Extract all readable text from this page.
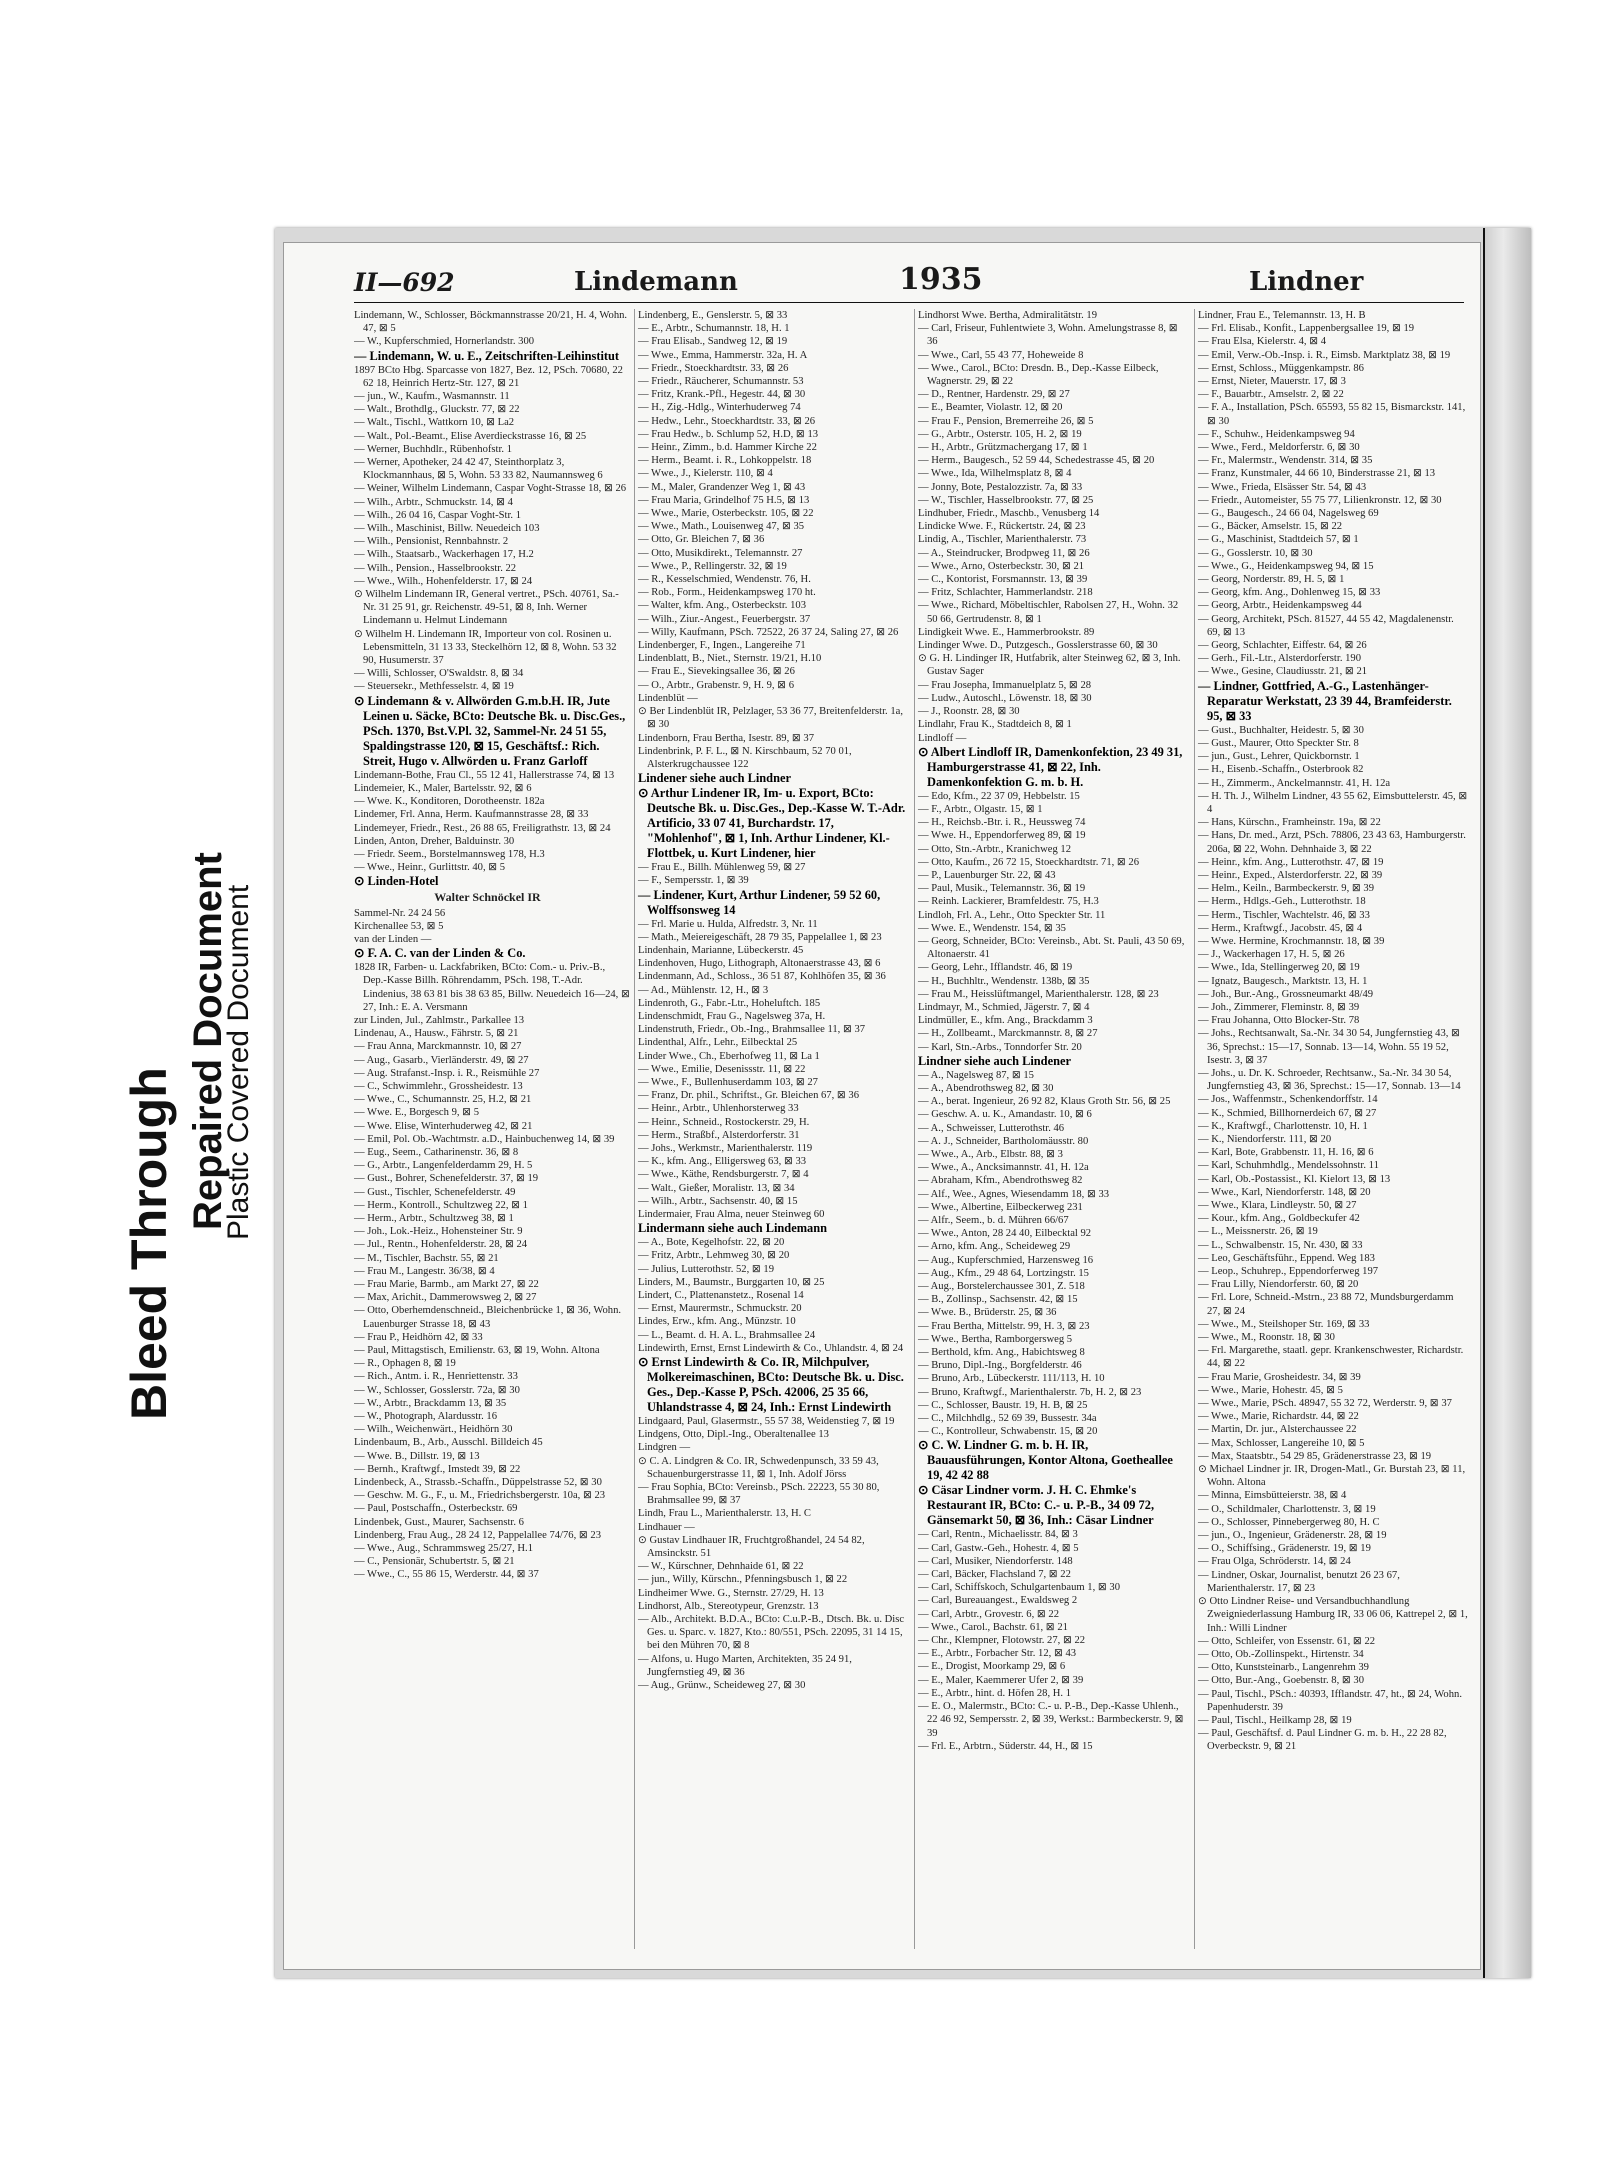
Bleed Through
Repaired Document
Plastic Covered Document
II—692	Lindemann	1935	Lindner

Lindemann, W., Schlosser, Böckmannstrasse 20/21, H. 4, Wohn. 47, ⊠ 5

— W., Kupferschmied, Hornerlandstr. 300

— Lindemann, W. u. E., Zeitschriften-Leihinstitut

1897 BCto Hbg. Sparcasse von 1827, Bez. 12, PSch. 70680, 22 62 18, Heinrich Hertz-Str. 127, ⊠ 21

— jun., W., Kaufm., Wasmannstr. 11

— Walt., Brothdlg., Gluckstr. 77, ⊠ 22

— Walt., Tischl., Wattkorn 10, ⊠ La2

— Walt., Pol.-Beamt., Elise Averdieckstrasse 16, ⊠ 25

— Werner, Buchhdlr., Rübenhofstr. 1

— Werner, Apotheker, 24 42 47, Steinthorplatz 3, Klockmannhaus, ⊠ 5, Wohn. 53 33 82, Naumannsweg 6

— Weiner, Wilhelm Lindemann, Caspar Voght-Strasse 18, ⊠ 26

— Wilh., Arbtr., Schmuckstr. 14, ⊠ 4

— Wilh., 26 04 16, Caspar Voght-Str. 1

— Wilh., Maschinist, Billw. Neuedeich 103

— Wilh., Pensionist, Rennbahnstr. 2

— Wilh., Staatsarb., Wackerhagen 17, H.2

— Wilh., Pension., Hasselbrookstr. 22

— Wwe., Wilh., Hohenfelderstr. 17, ⊠ 24

⊙ Wilhelm Lindemann IR, General vertret., PSch. 40761, Sa.-Nr. 31 25 91, gr. Reichenstr. 49-51, ⊠ 8, Inh. Werner Lindemann u. Helmut Lindemann

⊙ Wilhelm H. Lindemann IR, Importeur von col. Rosinen u. Lebensmitteln, 31 13 33, Steckelhörn 12, ⊠ 8, Wohn. 53 32 90, Husumerstr. 37

— Willi, Schlosser, O'Swaldstr. 8, ⊠ 34

— Steuersekr., Methfesselstr. 4, ⊠ 19

⊙ Lindemann & v. Allwörden G.m.b.H. IR, Jute Leinen u. Säcke, BCto: Deutsche Bk. u. Disc.Ges., PSch. 1370, Bst.V.Pl. 32, Sammel-Nr. 24 51 55, Spaldingstrasse 120, ⊠ 15, Geschäftsf.: Rich. Streit, Hugo v. Allwörden u. Franz Garloff

Lindemann-Bothe, Frau Cl., 55 12 41, Hallerstrasse 74, ⊠ 13

Lindemeier, K., Maler, Bartelsstr. 92, ⊠ 6

— Wwe. K., Konditoren, Dorotheenstr. 182a

Lindemer, Frl. Anna, Herm. Kaufmannstrasse 28, ⊠ 33

Lindemeyer, Friedr., Rest., 26 88 65, Freiligrathstr. 13, ⊠ 24

Linden, Anton, Dreher, Balduinstr. 30

— Friedr. Seem., Borstelmannsweg 178, H.3

— Wwe., Heinr., Gurlittstr. 40, ⊠ 5

⊙ Linden-Hotel

Walter Schnöckel IR

Sammel-Nr. 24 24 56

Kirchenallee 53, ⊠ 5

van der Linden —

⊙ F. A. C. van der Linden & Co.

1828 IR, Farben- u. Lackfabriken, BCto: Com.- u. Priv.-B., Dep.-Kasse Billh. Röhrendamm, PSch. 198, T.-Adr. Lindenius, 38 63 81 bis 38 63 85, Billw. Neuedeich 16—24, ⊠ 27, Inh.: E. A. Versmann

zur Linden, Jul., Zahlmstr., Parkallee 13

Lindenau, A., Hausw., Fährstr. 5, ⊠ 21

— Frau Anna, Marckmannstr. 10, ⊠ 27

— Aug., Gasarb., Vierländerstr. 49, ⊠ 27

— Aug. Strafanst.-Insp. i. R., Reismühle 27

— C., Schwimmlehr., Grossheidestr. 13

— Wwe., C., Schumannstr. 25, H.2, ⊠ 21

— Wwe. E., Borgesch 9, ⊠ 5

— Wwe. Elise, Winterhuderweg 42, ⊠ 21

— Emil, Pol. Ob.-Wachtmstr. a.D., Hainbuchenweg 14, ⊠ 39

— Eug., Seem., Catharinenstr. 36, ⊠ 8

— G., Arbtr., Langenfelderdamm 29, H. 5

— Gust., Bohrer, Schenefelderstr. 37, ⊠ 19

— Gust., Tischler, Schenefelderstr. 49

— Herm., Kontroll., Schultzweg 22, ⊠ 1

— Herm., Arbtr., Schultzweg 38, ⊠ 1

— Joh., Lok.-Heiz., Hohensteiner Str. 9

— Jul., Rentn., Hohenfelderstr. 28, ⊠ 24

— M., Tischler, Bachstr. 55, ⊠ 21

— Frau M., Langestr. 36/38, ⊠ 4

— Frau Marie, Barmb., am Markt 27, ⊠ 22

— Max, Arichit., Dammerowsweg 2, ⊠ 27

— Otto, Oberhemdenschneid., Bleichenbrücke 1, ⊠ 36, Wohn. Lauenburger Strasse 18, ⊠ 43

— Frau P., Heidhörn 42, ⊠ 33

— Paul, Mittagstisch, Emilienstr. 63, ⊠ 19, Wohn. Altona

— R., Ophagen 8, ⊠ 19

— Rich., Antm. i. R., Henriettenstr. 33

— W., Schlosser, Gosslerstr. 72a, ⊠ 30

— W., Arbtr., Brackdamm 13, ⊠ 35

— W., Photograph, Alardusstr. 16

— Wilh., Weichenwärt., Heidhörn 30

Lindenbaum, B., Arb., Ausschl. Billdeich 45

— Wwe. B., Dillstr. 19, ⊠ 13

— Bernh., Kraftwgf., Imstedt 39, ⊠ 22

Lindenbeck, A., Strassb.-Schaffn., Düppelstrasse 52, ⊠ 30

— Geschw. M. G., F., u. M., Friedrichsbergerstr. 10a, ⊠ 23

— Paul, Postschaffn., Osterbeckstr. 69

Lindenbek, Gust., Maurer, Sachsenstr. 6

Lindenberg, Frau Aug., 28 24 12, Pappelallee 74/76, ⊠ 23

— Wwe., Aug., Schrammsweg 25/27, H.1

— C., Pensionär, Schubertstr. 5, ⊠ 21

— Wwe., C., 55 86 15, Werderstr. 44, ⊠ 37

Lindenberg, E., Genslerstr. 5, ⊠ 33

— E., Arbtr., Schumannstr. 18, H. 1

— Frau Elisab., Sandweg 12, ⊠ 19

— Wwe., Emma, Hammerstr. 32a, H. A

— Friedr., Stoeckhardtstr. 33, ⊠ 26

— Friedr., Räucherer, Schumannstr. 53

— Fritz, Krank.-Pfl., Hegestr. 44, ⊠ 30

— H., Zig.-Hdlg., Winterhuderweg 74

— Hedw., Lehr., Stoeckhardtstr. 33, ⊠ 26

— Frau Hedw., b. Schlump 52, H.D, ⊠ 13

— Heinr., Zimm., b.d. Hammer Kirche 22

— Herm., Beamt. i. R., Lohkoppelstr. 18

— Wwe., J., Kielerstr. 110, ⊠ 4

— M., Maler, Grandenzer Weg 1, ⊠ 43

— Frau Maria, Grindelhof 75 H.5, ⊠ 13

— Wwe., Marie, Osterbeckstr. 105, ⊠ 22

— Wwe., Math., Louisenweg 47, ⊠ 35

— Otto, Gr. Bleichen 7, ⊠ 36

— Otto, Musikdirekt., Telemannstr. 27

— Wwe., P., Rellingerstr. 32, ⊠ 19

— R., Kesselschmied, Wendenstr. 76, H.

— Rob., Form., Heidenkampsweg 170 ht.

— Walter, kfm. Ang., Osterbeckstr. 103

— Wilh., Ziur.-Angest., Feuerbergstr. 37

— Willy, Kaufmann, PSch. 72522, 26 37 24, Saling 27, ⊠ 26

Lindenberger, F., Ingen., Langereihe 71

Lindenblatt, B., Niet., Sternstr. 19/21, H.10

— Frau E., Sievekingsallee 36, ⊠ 26

— O., Arbtr., Grabenstr. 9, H. 9, ⊠ 6

Lindenblüt —

⊙ Ber Lindenblüt IR, Pelzlager, 53 36 77, Breitenfelderstr. 1a, ⊠ 30

Lindenborn, Frau Bertha, Isestr. 89, ⊠ 37

Lindenbrink, P. F. L., ⊠ N. Kirschbaum, 52 70 01, Alsterkrugchaussee 122

Lindener siehe auch Lindner

⊙ Arthur Lindener IR, Im- u. Export, BCto: Deutsche Bk. u. Disc.Ges., Dep.-Kasse W. T.-Adr. Artificio, 33 07 41, Burchardstr. 17, "Mohlenhof", ⊠ 1, Inh. Arthur Lindener, Kl.-Flottbek, u. Kurt Lindener, hier

— Frau E., Billh. Mühlenweg 59, ⊠ 27

— F., Sempersstr. 1, ⊠ 39

— Lindener, Kurt, Arthur Lindener, 59 52 60, Wolffsonsweg 14

— Frl. Marie u. Hulda, Alfredstr. 3, Nr. 11

— Math., Meiereigeschäft, 28 79 35, Pappelallee 1, ⊠ 23

Lindenhain, Marianne, Lübeckerstr. 45

Lindenhoven, Hugo, Lithograph, Altonaerstrasse 43, ⊠ 6

Lindenmann, Ad., Schloss., 36 51 87, Kohlhöfen 35, ⊠ 36

— Ad., Mühlenstr. 12, H., ⊠ 3

Lindenroth, G., Fabr.-Ltr., Hoheluftch. 185

Lindenschmidt, Frau G., Nagelsweg 37a, H.

Lindenstruth, Friedr., Ob.-Ing., Brahmsallee 11, ⊠ 37

Lindenthal, Alfr., Lehr., Eilbecktal 25

Linder Wwe., Ch., Eberhofweg 11, ⊠ La 1

— Wwe., Emilie, Desenissstr. 11, ⊠ 22

— Wwe., F., Bullenhuserdamm 103, ⊠ 27

— Franz, Dr. phil., Schriftst., Gr. Bleichen 67, ⊠ 36

— Heinr., Arbtr., Uhlenhorsterweg 33

— Heinr., Schneid., Rostockerstr. 29, H.

— Herm., Straßbf., Alsterdorferstr. 31

— Johs., Werkmstr., Marienthalerstr. 119

— K., kfm. Ang., Elligersweg 63, ⊠ 33

— Wwe., Käthe, Rendsburgerstr. 7, ⊠ 4

— Walt., Gießer, Moralistr. 13, ⊠ 34

— Wilh., Arbtr., Sachsenstr. 40, ⊠ 15

Lindermaier, Frau Alma, neuer Steinweg 60

Lindermann siehe auch Lindemann

— A., Bote, Kegelhofstr. 22, ⊠ 20

— Fritz, Arbtr., Lehmweg 30, ⊠ 20

— Julius, Lutterothstr. 52, ⊠ 19

Linders, M., Baumstr., Burggarten 10, ⊠ 25

Lindert, C., Plattenanstetz., Rosenal 14

— Ernst, Maurermstr., Schmuckstr. 20

Lindes, Erw., kfm. Ang., Münzstr. 10

— L., Beamt. d. H. A. L., Brahmsallee 24

Lindewirth, Ernst, Ernst Lindewirth & Co., Uhlandstr. 4, ⊠ 24

⊙ Ernst Lindewirth & Co. IR, Milchpulver, Molkereimaschinen, BCto: Deutsche Bk. u. Disc. Ges., Dep.-Kasse P, PSch. 42006, 25 35 66, Uhlandstrasse 4, ⊠ 24, Inh.: Ernst Lindewirth

Lindgaard, Paul, Glasermstr., 55 57 38, Weidenstieg 7, ⊠ 19

Lindgens, Otto, Dipl.-Ing., Oberaltenallee 13

Lindgren —

⊙ C. A. Lindgren & Co. IR, Schwedenpunsch, 33 59 43, Schauenburgerstrasse 11, ⊠ 1, Inh. Adolf Jörss

— Frau Sophia, BCto: Vereinsb., PSch. 22223, 55 30 80, Brahmsallee 99, ⊠ 37

Lindh, Frau L., Marienthalerstr. 13, H. C

Lindhauer —

⊙ Gustav Lindhauer IR, Fruchtgroßhandel, 24 54 82, Amsinckstr. 51

— W., Kürschner, Dehnhaide 61, ⊠ 22

— jun., Willy, Kürschn., Pfenningsbusch 1, ⊠ 22

Lindheimer Wwe. G., Sternstr. 27/29, H. 13

Lindhorst, Alb., Stereotypeur, Grenzstr. 13

— Alb., Architekt. B.D.A., BCto: C.u.P.-B., Dtsch. Bk. u. Disc Ges. u. Sparc. v. 1827, Kto.: 80/551, PSch. 22095, 31 14 15, bei den Mühren 70, ⊠ 8

— Alfons, u. Hugo Marten, Architekten, 35 24 91, Jungfernstieg 49, ⊠ 36

— Aug., Grünw., Scheideweg 27, ⊠ 30

Lindhorst Wwe. Bertha, Admiralitätstr. 19

— Carl, Friseur, Fuhlentwiete 3, Wohn. Amelungstrasse 8, ⊠ 36

— Wwe., Carl, 55 43 77, Hoheweide 8

— Wwe., Carol., BCto: Dresdn. B., Dep.-Kasse Eilbeck, Wagnerstr. 29, ⊠ 22

— D., Rentner, Hardenstr. 29, ⊠ 27

— E., Beamter, Violastr. 12, ⊠ 20

— Frau F., Pension, Bremerreihe 26, ⊠ 5

— G., Arbtr., Osterstr. 105, H. 2, ⊠ 19

— H., Arbtr., Grützmachergang 17, ⊠ 1

— Herm., Baugesch., 52 59 44, Schedestrasse 45, ⊠ 20

— Wwe., Ida, Wilhelmsplatz 8, ⊠ 4

— Jonny, Bote, Pestalozzistr. 7a, ⊠ 33

— W., Tischler, Hasselbrookstr. 77, ⊠ 25

Lindhuber, Friedr., Maschb., Venusberg 14

Lindicke Wwe. F., Rückertstr. 24, ⊠ 23

Lindig, A., Tischler, Marienthalerstr. 73

— A., Steindrucker, Brodpweg 11, ⊠ 26

— Wwe., Arno, Osterbeckstr. 30, ⊠ 21

— C., Kontorist, Forsmannstr. 13, ⊠ 39

— Fritz, Schlachter, Hammerlandstr. 218

— Wwe., Richard, Möbeltischler, Rabolsen 27, H., Wohn. 32 50 66, Gertrudenstr. 8, ⊠ 1

Lindigkeit Wwe. E., Hammerbrookstr. 89

Lindinger Wwe. D., Putzgesch., Gosslerstrasse 60, ⊠ 30

⊙ G. H. Lindinger IR, Hutfabrik, alter Steinweg 62, ⊠ 3, Inh. Gustav Sager

— Frau Josepha, Immanuelplatz 5, ⊠ 28

— Ludw., Autoschl., Löwenstr. 18, ⊠ 30

— J., Roonstr. 28, ⊠ 30

Lindlahr, Frau K., Stadtdeich 8, ⊠ 1

Lindloff —

⊙ Albert Lindloff IR, Damenkonfektion, 23 49 31, Hamburgerstrasse 41, ⊠ 22, Inh. Damenkonfektion G. m. b. H.

— Edo, Kfm., 22 37 09, Hebbelstr. 15

— F., Arbtr., Olgastr. 15, ⊠ 1

— H., Reichsb.-Btr. i. R., Heussweg 74

— Wwe. H., Eppendorferweg 89, ⊠ 19

— Otto, Stn.-Arbtr., Kranichweg 12

— Otto, Kaufm., 26 72 15, Stoeckhardtstr. 71, ⊠ 26

— P., Lauenburger Str. 22, ⊠ 43

— Paul, Musik., Telemannstr. 36, ⊠ 19

— Reinh. Lackierer, Bramfeldestr. 75, H.3

Lindloh, Frl. A., Lehr., Otto Speckter Str. 11

— Wwe. E., Wendenstr. 154, ⊠ 35

— Georg, Schneider, BCto: Vereinsb., Abt. St. Pauli, 43 50 69, Altonaerstr. 41

— Georg, Lehr., Ifflandstr. 46, ⊠ 19

— H., Buchhltr., Wendenstr. 138b, ⊠ 35

— Frau M., Heisslüftmangel, Marienthalerstr. 128, ⊠ 23

Lindmayr, M., Schmied, Jägerstr. 7, ⊠ 4

Lindmüller, E., kfm. Ang., Brackdamm 3

— H., Zollbeamt., Marckmannstr. 8, ⊠ 27

— Karl, Stn.-Arbs., Tonndorfer Str. 20

Lindner siehe auch Lindener

— A., Nagelsweg 87, ⊠ 15

— A., Abendrothsweg 82, ⊠ 30

— A., berat. Ingenieur, 26 92 82, Klaus Groth Str. 56, ⊠ 25

— Geschw. A. u. K., Amandastr. 10, ⊠ 6

— A., Schweisser, Lutterothstr. 46

— A. J., Schneider, Bartholomäusstr. 80

— Wwe., A., Arb., Elbstr. 88, ⊠ 3

— Wwe., A., Ancksimannstr. 41, H. 12a

— Abraham, Kfm., Abendrothsweg 82

— Alf., Wee., Agnes, Wiesendamm 18, ⊠ 33

— Wwe., Albertine, Eilbeckerweg 231

— Alfr., Seem., b. d. Mühren 66/67

— Wwe., Anton, 28 24 40, Eilbecktal 92

— Arno, kfm. Ang., Scheideweg 29

— Aug., Kupferschmied, Harzensweg 16

— Aug., Kfm., 29 48 64, Lortzingstr. 15

— Aug., Borstelerchaussee 301, Z. 518

— B., Zollinsp., Sachsenstr. 42, ⊠ 15

— Wwe. B., Brüderstr. 25, ⊠ 36

— Frau Bertha, Mittelstr. 99, H. 3, ⊠ 23

— Wwe., Bertha, Ramborgersweg 5

— Berthold, kfm. Ang., Habichtsweg 8

— Bruno, Dipl.-Ing., Borgfelderstr. 46

— Bruno, Arb., Lübeckerstr. 111/113, H. 10

— Bruno, Kraftwgf., Marienthalerstr. 7b, H. 2, ⊠ 23

— C., Schlosser, Baustr. 19, H. B, ⊠ 25

— C., Milchhdlg., 52 69 39, Bussestr. 34a

— C., Kontrolleur, Schwabenstr. 15, ⊠ 20

⊙ C. W. Lindner G. m. b. H. IR, Bauausführungen, Kontor Altona, Goetheallee 19, 42 42 88

⊙ Cäsar Lindner vorm. J. H. C. Ehmke's Restaurant IR, BCto: C.- u. P.-B., 34 09 72, Gänsemarkt 50, ⊠ 36, Inh.: Cäsar Lindner

— Carl, Rentn., Michaelisstr. 84, ⊠ 3

— Carl, Gastw.-Geh., Hohestr. 4, ⊠ 5

— Carl, Musiker, Niendorferstr. 148

— Carl, Bäcker, Flachsland 7, ⊠ 22

— Carl, Schiffskoch, Schulgartenbaum 1, ⊠ 30

— Carl, Bureauangest., Ewaldsweg 2

— Carl, Arbtr., Grovestr. 6, ⊠ 22

— Wwe., Carol., Bachstr. 61, ⊠ 21

— Chr., Klempner, Flotowstr. 27, ⊠ 22

— E., Arbtr., Forbacher Str. 12, ⊠ 43

— E., Drogist, Moorkamp 29, ⊠ 6

— E., Maler, Kaemmerer Ufer 2, ⊠ 39

— E., Arbtr., hint. d. Höfen 28, H. 1

— E. O., Malermstr., BCto: C.- u. P.-B., Dep.-Kasse Uhlenh., 22 46 92, Sempersstr. 2, ⊠ 39, Werkst.: Barmbeckerstr. 9, ⊠ 39

— Frl. E., Arbtrn., Süderstr. 44, H., ⊠ 15

Lindner, Frau E., Telemannstr. 13, H. B

— Frl. Elisab., Konfit., Lappenbergsallee 19, ⊠ 19

— Frau Elsa, Kielerstr. 4, ⊠ 4

— Emil, Verw.-Ob.-Insp. i. R., Eimsb. Marktplatz 38, ⊠ 19

— Ernst, Schloss., Müggenkampstr. 86

— Ernst, Nieter, Mauerstr. 17, ⊠ 3

— F., Bauarbtr., Amselstr. 2, ⊠ 22

— F. A., Installation, PSch. 65593, 55 82 15, Bismarckstr. 141, ⊠ 30

— F., Schuhw., Heidenkampsweg 94

— Wwe., Ferd., Meldorferstr. 6, ⊠ 30

— Fr., Malermstr., Wendenstr. 314, ⊠ 35

— Franz, Kunstmaler, 44 66 10, Binderstrasse 21, ⊠ 13

— Wwe., Frieda, Elsässer Str. 54, ⊠ 43

— Friedr., Automeister, 55 75 77, Lilienkronstr. 12, ⊠ 30

— G., Baugesch., 24 66 04, Nagelsweg 69

— G., Bäcker, Amselstr. 15, ⊠ 22

— G., Maschinist, Stadtdeich 57, ⊠ 1

— G., Gosslerstr. 10, ⊠ 30

— Wwe., G., Heidenkampsweg 94, ⊠ 15

— Georg, Norderstr. 89, H. 5, ⊠ 1

— Georg, kfm. Ang., Dohlenweg 15, ⊠ 33

— Georg, Arbtr., Heidenkampsweg 44

— Georg, Architekt, PSch. 81527, 44 55 42, Magdalenenstr. 69, ⊠ 13

— Georg, Schlachter, Eiffestr. 64, ⊠ 26

— Gerh., Fil.-Ltr., Alsterdorferstr. 190

— Wwe., Gesine, Claudiusstr. 21, ⊠ 21

— Lindner, Gottfried, A.-G., Lastenhänger-Reparatur Werkstatt, 23 39 44, Bramfeiderstr. 95, ⊠ 33

— Gust., Buchhalter, Heidestr. 5, ⊠ 30

— Gust., Maurer, Otto Speckter Str. 8

— jun., Gust., Lehrer, Quickbornstr. 1

— H., Eisenb.-Schaffn., Osterbrook 82

— H., Zimmerm., Anckelmannstr. 41, H. 12a

— H. Th. J., Wilhelm Lindner, 43 55 62, Eimsbuttelerstr. 45, ⊠ 4

— Hans, Kürschn., Framheinstr. 19a, ⊠ 22

— Hans, Dr. med., Arzt, PSch. 78806, 23 43 63, Hamburgerstr. 206a, ⊠ 22, Wohn. Dehnhaide 3, ⊠ 22

— Heinr., kfm. Ang., Lutterothstr. 47, ⊠ 19

— Heinr., Exped., Alsterdorferstr. 22, ⊠ 39

— Helm., Keiln., Barmbeckerstr. 9, ⊠ 39

— Herm., Hdlgs.-Geh., Lutterothstr. 18

— Herm., Tischler, Wachtelstr. 46, ⊠ 33

— Herm., Kraftwgf., Jacobstr. 45, ⊠ 4

— Wwe. Hermine, Krochmannstr. 18, ⊠ 39

— J., Wackerhagen 17, H. 5, ⊠ 26

— Wwe., Ida, Stellingerweg 20, ⊠ 19

— Ignatz, Baugesch., Marktstr. 13, H. 1

— Joh., Bur.-Ang., Grossneumarkt 48/49

— Joh., Zimmerer, Fleminstr. 8, ⊠ 39

— Frau Johanna, Otto Blocker-Str. 78

— Johs., Rechtsanwalt, Sa.-Nr. 34 30 54, Jungfernstieg 43, ⊠ 36, Sprechst.: 15—17, Sonnab. 13—14, Wohn. 55 19 52, Isestr. 3, ⊠ 37

— Johs., u. Dr. K. Schroeder, Rechtsanw., Sa.-Nr. 34 30 54, Jungfernstieg 43, ⊠ 36, Sprechst.: 15—17, Sonnab. 13—14

— Jos., Waffenmstr., Schenkendorffstr. 14

— K., Schmied, Billhornerdeich 67, ⊠ 27

— K., Kraftwgf., Charlottenstr. 10, H. 1

— K., Niendorferstr. 111, ⊠ 20

— Karl, Bote, Grabbenstr. 11, H. 16, ⊠ 6

— Karl, Schuhmhdlg., Mendelssohnstr. 11

— Karl, Ob.-Postassist., Kl. Kielort 13, ⊠ 13

— Wwe., Karl, Niendorferstr. 148, ⊠ 20

— Wwe., Klara, Lindleystr. 50, ⊠ 27

— Kour., kfm. Ang., Goldbeckufer 42

— L., Meissnerstr. 26, ⊠ 19

— L., Schwalbenstr. 15, Nr. 430, ⊠ 33

— Leo, Geschäftsführ., Eppend. Weg 183

— Leop., Schuhrep., Eppendorferweg 197

— Frau Lilly, Niendorferstr. 60, ⊠ 20

— Frl. Lore, Schneid.-Mstrn., 23 88 72, Mundsburgerdamm 27, ⊠ 24

— Wwe., M., Steilshoper Str. 169, ⊠ 33

— Wwe., M., Roonstr. 18, ⊠ 30

— Frl. Margarethe, staatl. gepr. Krankenschwester, Richardstr. 44, ⊠ 22

— Frau Marie, Grosheidestr. 34, ⊠ 39

— Wwe., Marie, Hohestr. 45, ⊠ 5

— Wwe., Marie, PSch. 48947, 55 32 72, Werderstr. 9, ⊠ 37

— Wwe., Marie, Richardstr. 44, ⊠ 22

— Martin, Dr. jur., Alsterchaussee 22

— Max, Schlosser, Langereihe 10, ⊠ 5

— Max, Staatsbtr., 54 29 85, Grädenerstrasse 23, ⊠ 19

⊙ Michael Lindner jr. IR, Drogen-Matl., Gr. Burstah 23, ⊠ 11, Wohn. Altona

— Minna, Eimsbütteierstr. 38, ⊠ 4

— O., Schildmaler, Charlottenstr. 3, ⊠ 19

— O., Schlosser, Pinnebergerweg 80, H. C

— jun., O., Ingenieur, Grädenerstr. 28, ⊠ 19

— O., Schiffsing., Grädenerstr. 19, ⊠ 19

— Frau Olga, Schröderstr. 14, ⊠ 24

— Lindner, Oskar, Journalist, benutzt 26 23 67, Marienthalerstr. 17, ⊠ 23

⊙ Otto Lindner Reise- und Versandbuchhandlung Zweigniederlassung Hamburg IR, 33 06 06, Kattrepel 2, ⊠ 1, Inh.: Willi Lindner

— Otto, Schleifer, von Essenstr. 61, ⊠ 22

— Otto, Ob.-Zollinspekt., Hirtenstr. 34

— Otto, Kunststeinarb., Langenrehm 39

— Otto, Bur.-Ang., Goebenstr. 8, ⊠ 30

— Paul, Tischl., PSch.: 40393, Ifflandstr. 47, ht., ⊠ 24, Wohn. Papenhuderstr. 39

— Paul, Tischl., Heilkamp 28, ⊠ 19

— Paul, Geschäftsf. d. Paul Lindner G. m. b. H., 22 28 82, Overbeckstr. 9, ⊠ 21
